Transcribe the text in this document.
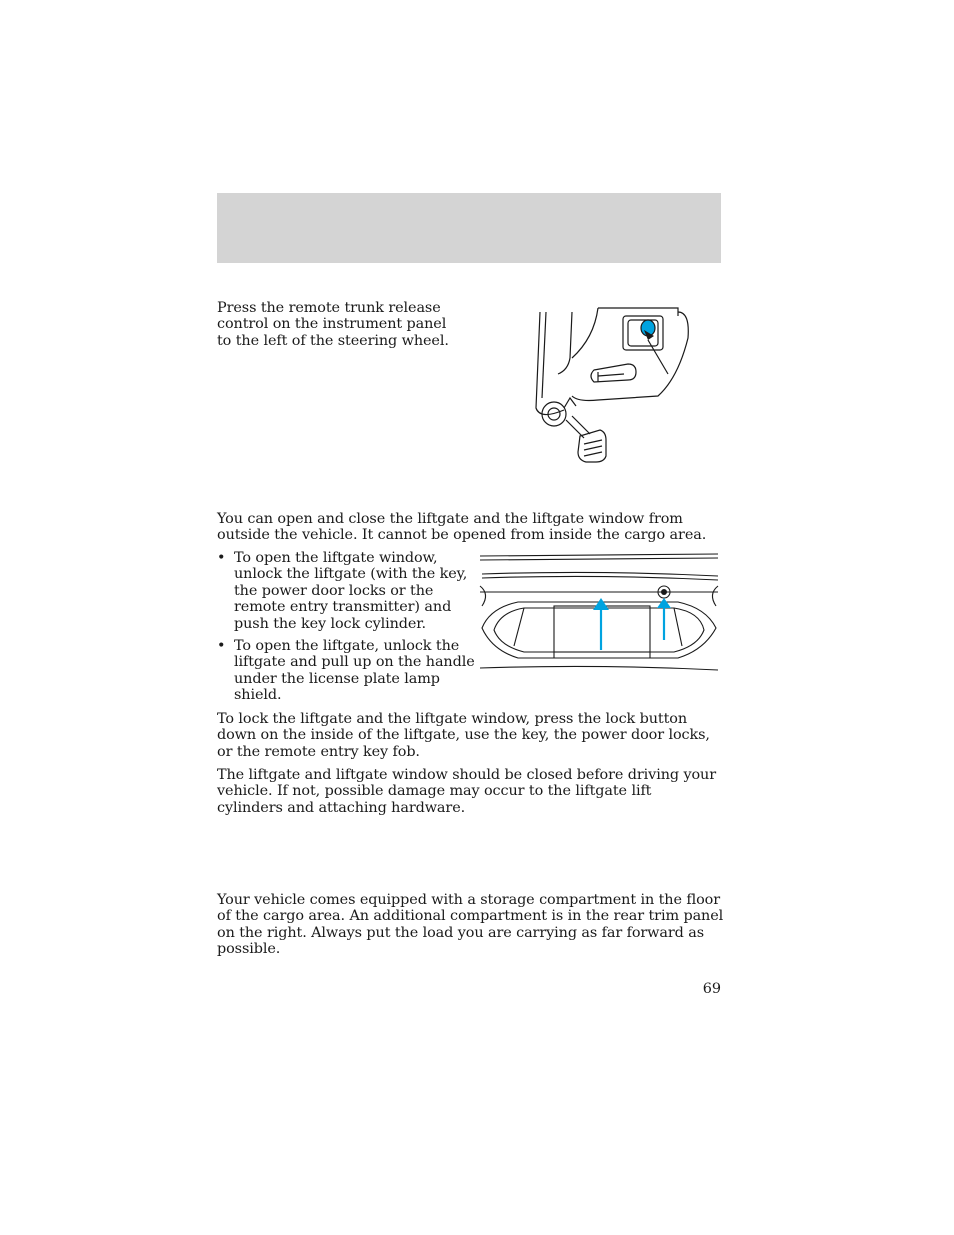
Press the remote trunk release control on the instrument panel to the left of the steering wheel.

You can open and close the liftgate and the liftgate window from outside the vehicle. It cannot be opened from inside the cargo area.

• To open the liftgate window, unlock the liftgate (with the key, the power door locks or the remote entry transmitter) and push the key lock cylinder.
• To open the liftgate, unlock the liftgate and pull up on the handle under the license plate lamp shield.

To lock the liftgate and the liftgate window, press the lock button down on the inside of the liftgate, use the key, the power door locks, or the remote entry key fob.

The liftgate and liftgate window should be closed before driving your vehicle. If not, possible damage may occur to the liftgate lift cylinders and attaching hardware.

Your vehicle comes equipped with a storage compartment in the floor of the cargo area. An additional compartment is in the rear trim panel on the right. Always put the load you are carrying as far forward as possible.

69
